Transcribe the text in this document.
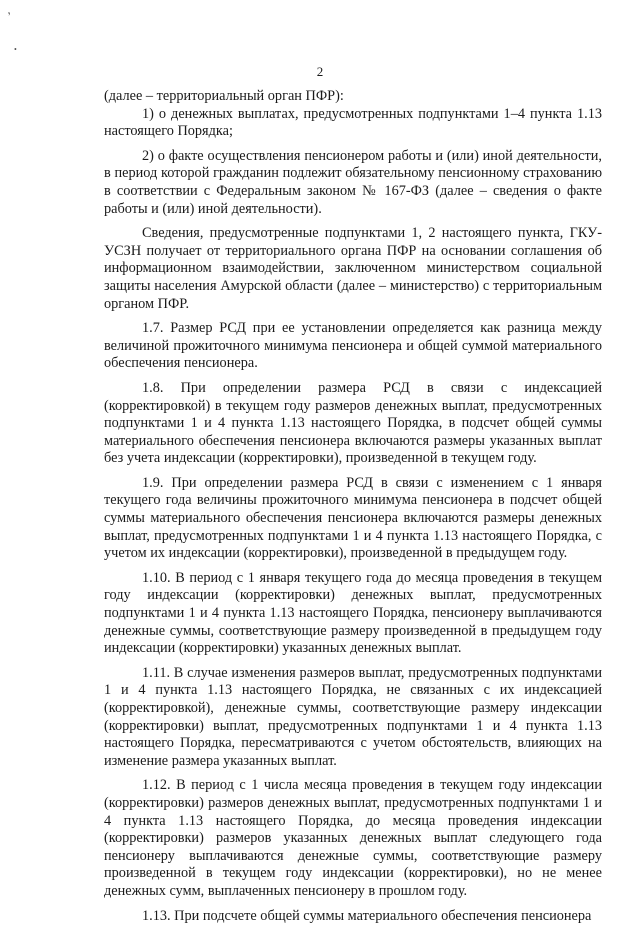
ʼ
•
2

(далее – территориальный орган ПФР):

1) о денежных выплатах, предусмотренных подпунктами 1–4 пункта 1.13 настоящего Порядка;

2) о факте осуществления пенсионером работы и (или) иной деятельности, в период которой гражданин подлежит обязательному пенсионному страхованию в соответствии с Федеральным законом № 167-ФЗ (далее – сведения о факте работы и (или) иной деятельности).

Сведения, предусмотренные подпунктами 1, 2 настоящего пункта, ГКУ-УСЗН получает от территориального органа ПФР на основании соглашения об информационном взаимодействии, заключенном министерством социальной защиты населения Амурской области (далее – министерство) с территориальным органом ПФР.

1.7. Размер РСД при ее установлении определяется как разница между величиной прожиточного минимума пенсионера и общей суммой материального обеспечения пенсионера.

1.8. При определении размера РСД в связи с индексацией (корректировкой) в текущем году размеров денежных выплат, предусмотренных подпунктами 1 и 4 пункта 1.13 настоящего Порядка, в подсчет общей суммы материального обеспечения пенсионера включаются размеры указанных выплат без учета индексации (корректировки), произведенной в текущем году.

1.9. При определении размера РСД в связи с изменением с 1 января текущего года величины прожиточного минимума пенсионера в подсчет общей суммы материального обеспечения пенсионера включаются размеры денежных выплат, предусмотренных подпунктами 1 и 4 пункта 1.13 настоящего Порядка, с учетом их индексации (корректировки), произведенной в предыдущем году.

1.10. В период с 1 января текущего года до месяца проведения в текущем году индексации (корректировки) денежных выплат, предусмотренных подпунктами 1 и 4 пункта 1.13 настоящего Порядка, пенсионеру выплачиваются денежные суммы, соответствующие размеру произведенной в предыдущем году индексации (корректировки) указанных денежных выплат.

1.11. В случае изменения размеров выплат, предусмотренных подпунктами 1 и 4 пункта 1.13 настоящего Порядка, не связанных с их индексацией (корректировкой), денежные суммы, соответствующие размеру индексации (корректировки) выплат, предусмотренных подпунктами 1 и 4 пункта 1.13 настоящего Порядка, пересматриваются с учетом обстоятельств, влияющих на изменение размера указанных выплат.

1.12. В период с 1 числа месяца проведения в текущем году индексации (корректировки) размеров денежных выплат, предусмотренных подпунктами 1 и 4 пункта 1.13 настоящего Порядка, до месяца проведения индексации (корректировки) размеров указанных денежных выплат следующего года пенсионеру выплачиваются денежные суммы, соответствующие размеру произведенной в текущем году индексации (корректировки), но не менее денежных сумм, выплаченных пенсионеру в прошлом году.

1.13. При подсчете общей суммы материального обеспечения пенсионера
